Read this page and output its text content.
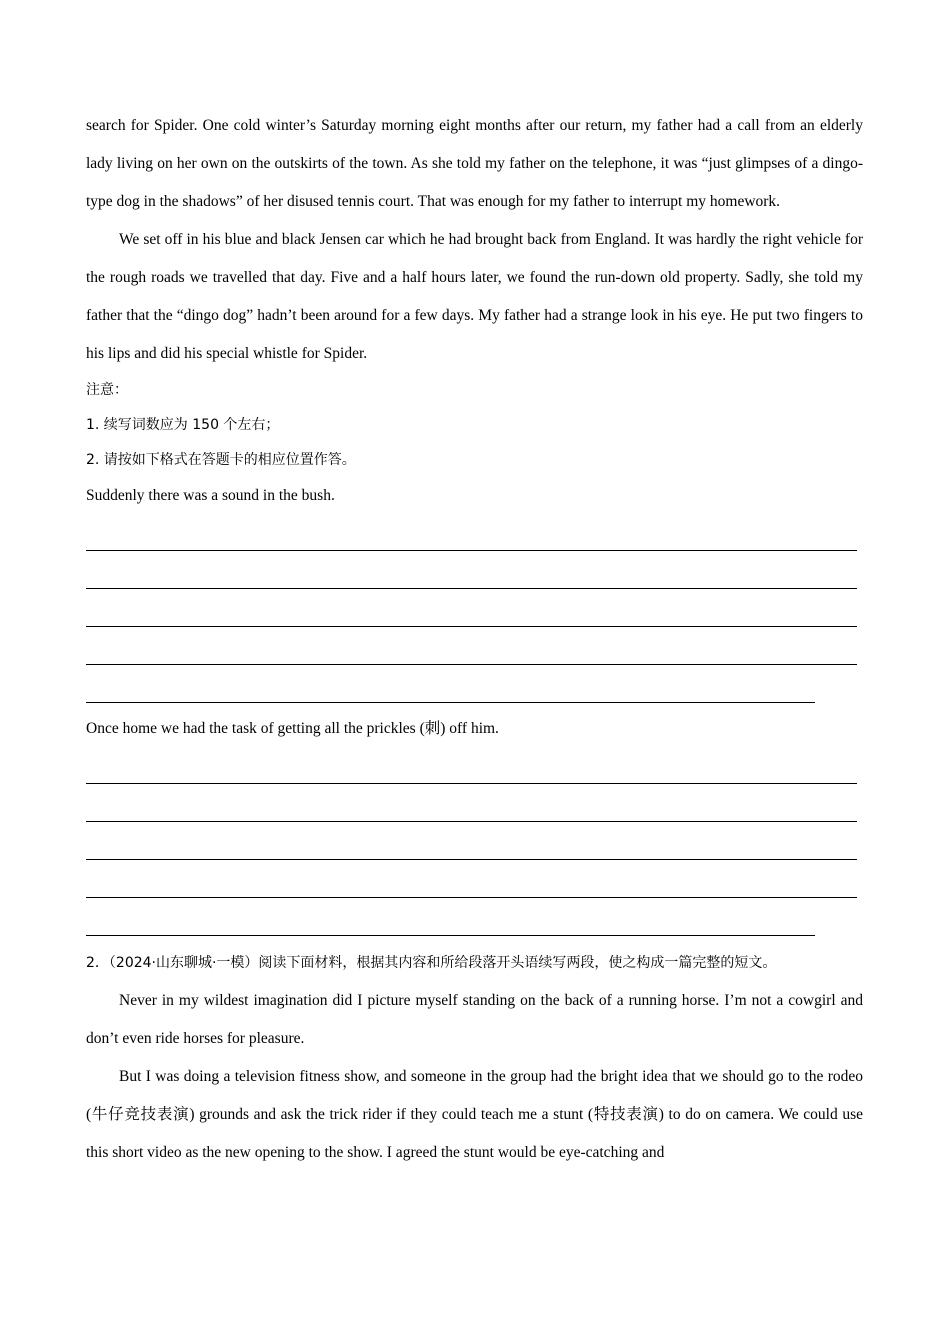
search for Spider. One cold winter’s Saturday morning eight months after our return, my father had a call from an elderly lady living on her own on the outskirts of the town. As she told my father on the telephone, it was “just glimpses of a dingo-type dog in the shadows” of her disused tennis court. That was enough for my father to interrupt my homework.

We set off in his blue and black Jensen car which he had brought back from England. It was hardly the right vehicle for the rough roads we travelled that day. Five and a half hours later, we found the run-down old property. Sadly, she told my father that the “dingo dog” hadn’t been around for a few days. My father had a strange look in his eye. He put two fingers to his lips and did his special whistle for Spider.

注意：

1. 续写词数应为 150 个左右；

2. 请按如下格式在答题卡的相应位置作答。

Suddenly there was a sound in the bush.

Once home we had the task of getting all the prickles (刺) off him.

2．（2024·山东聊城·一模）阅读下面材料，根据其内容和所给段落开头语续写两段，使之构成一篇完整的短文。

Never in my wildest imagination did I picture myself standing on the back of a running horse. I’m not a cowgirl and don’t even ride horses for pleasure.

But I was doing a television fitness show, and someone in the group had the bright idea that we should go to the rodeo (牛仔竞技表演) grounds and ask the trick rider if they could teach me a stunt (特技表演) to do on camera. We could use this short video as the new opening to the show. I agreed the stunt would be eye-catching and
